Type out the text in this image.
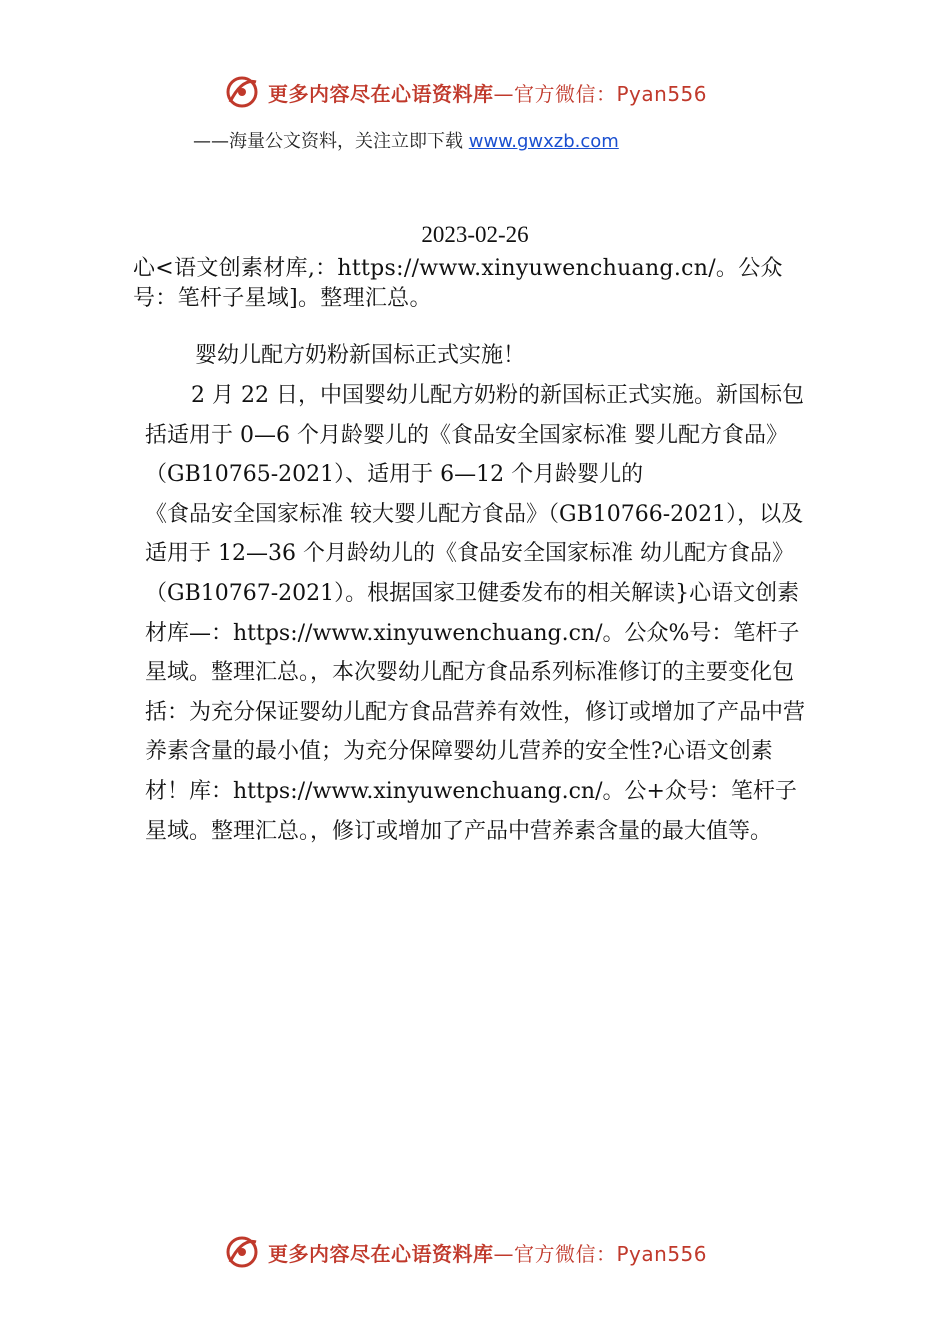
更多内容尽在心语资料库—官方微信：Pyan556
——海量公文资料，关注立即下载 www.gwxzb.com
2023-02-26
心<语文创素材库,：https://www.xinyuwenchuang.cn/。公众号：笔杆子星域]。整理汇总。
婴幼儿配方奶粉新国标正式实施！
2 月 22 日，中国婴幼儿配方奶粉的新国标正式实施。新国标包括适用于 0—6 个月龄婴儿的《食品安全国家标准 婴儿配方食品》（GB10765-2021）、适用于 6—12 个月龄婴儿的
《食品安全国家标准 较大婴儿配方食品》（GB10766-2021），以及适用于 12—36 个月龄幼儿的《食品安全国家标准 幼儿配方食品》（GB10767-2021）。根据国家卫健委发布的相关解读}心语文创素材库—：https://www.xinyuwenchuang.cn/。公众%号：笔杆子星域。整理汇总。，本次婴幼儿配方食品系列标准修订的主要变化包括：为充分保证婴幼儿配方食品营养有效性，修订或增加了产品中营养素含量的最小值；为充分保障婴幼儿营养的安全性?心语文创素材！库：https://www.xinyuwenchuang.cn/。公+众号：笔杆子星域。整理汇总。，修订或增加了产品中营养素含量的最大值等。
更多内容尽在心语资料库—官方微信：Pyan556
